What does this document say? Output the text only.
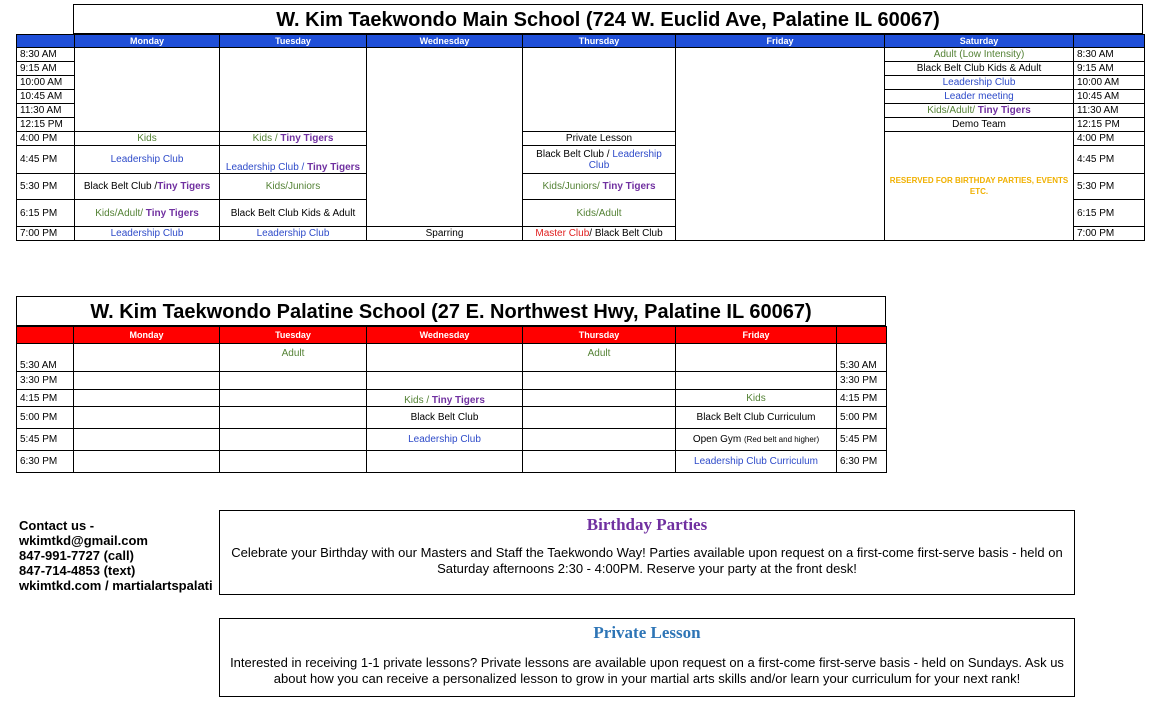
W. Kim Taekwondo Main School (724 W. Euclid Ave, Palatine IL 60067)
	Monday	Tuesday	Wednesday	Thursday	Friday	Saturday	
8:30 AM						Adult (Low Intensity)	8:30 AM
9:15 AM						Black Belt Club Kids & Adult	9:15 AM
10:00 AM						Leadership Club	10:00 AM
10:45 AM						Leader meeting	10:45 AM
11:30 AM						Kids/Adult/ Tiny Tigers	11:30 AM
12:15 PM						Demo Team	12:15 PM
4:00 PM	Kids	Kids / Tiny Tigers		Private Lesson		RESERVED FOR BIRTHDAY PARTIES, EVENTS ETC.	4:00 PM
4:45 PM	Leadership Club	Leadership Club / Tiny Tigers		Black Belt Club / Leadership Club			4:45 PM
5:30 PM	Black Belt Club /Tiny Tigers	Kids/Juniors		Kids/Juniors/ Tiny Tigers			5:30 PM
6:15 PM	Kids/Adult/ Tiny Tigers	Black Belt Club Kids & Adult		Kids/Adult			6:15 PM
7:00 PM	Leadership Club	Leadership Club	Sparring	Master Club/ Black Belt Club			7:00 PM
W. Kim Taekwondo Palatine School (27 E. Northwest Hwy, Palatine IL 60067)
	Monday	Tuesday	Wednesday	Thursday	Friday	
5:30 AM		Adult		Adult		5:30 AM
3:30 PM						3:30 PM
4:15 PM			Kids / Tiny Tigers		Kids	4:15 PM
5:00 PM			Black Belt Club		Black Belt Club Curriculum	5:00 PM
5:45 PM			Leadership Club		Open Gym (Red belt and higher)	5:45 PM
6:30 PM					Leadership Club Curriculum	6:30 PM
Contact us -
wkimtkd@gmail.com
847-991-7727 (call)
847-714-4853 (text)
wkimtkd.com / martialartspalati
Birthday Parties
Celebrate your Birthday with our Masters and Staff the Taekwondo Way! Parties available upon request on a first-come first-serve basis - held on Saturday afternoons 2:30 - 4:00PM. Reserve your party at the front desk!
Private Lesson
Interested in receiving 1-1 private lessons? Private lessons are available upon request on a first-come first-serve basis - held on Sundays. Ask us about how you can receive a personalized lesson to grow in your martial arts skills and/or learn your curriculum for your next rank!
